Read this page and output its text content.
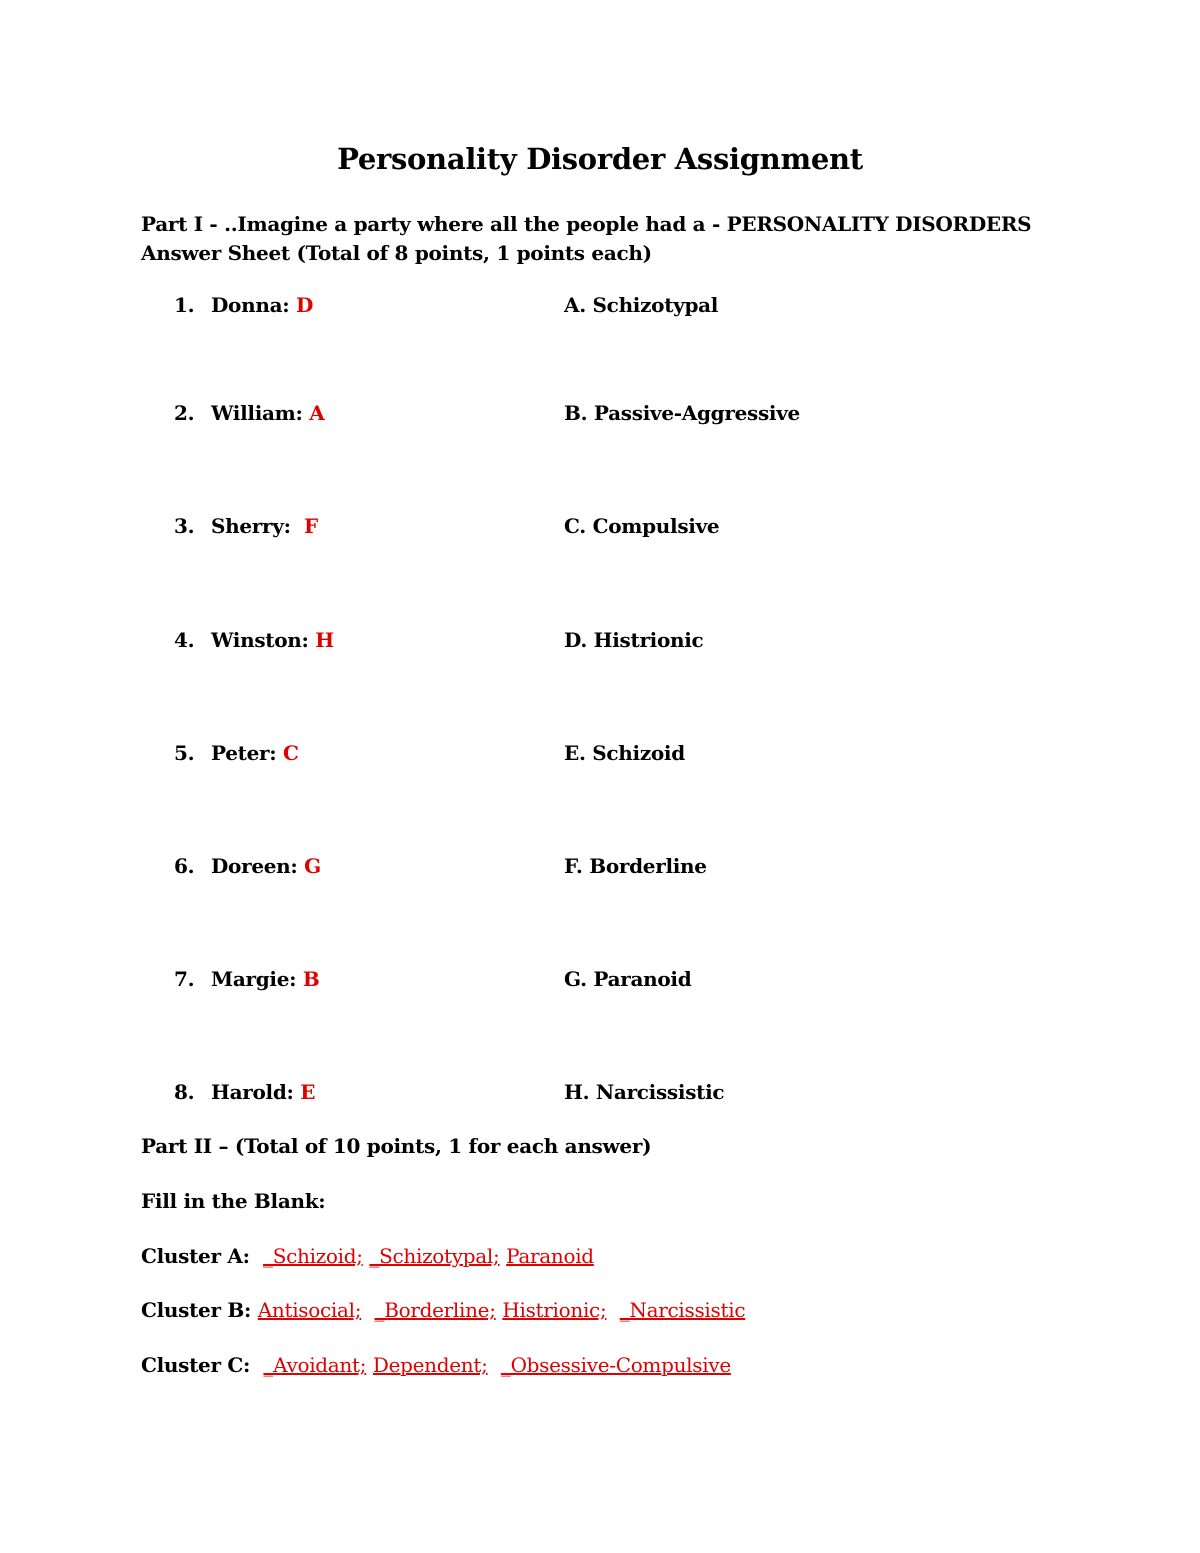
Personality Disorder Assignment
Part I - ..Imagine a party where all the people had a - PERSONALITY DISORDERS
Answer Sheet (Total of 8 points, 1 points each)
1. Donna: D	A. Schizotypal
2. William: A	B. Passive-Aggressive
3. Sherry: F	C. Compulsive
4. Winston: H	D. Histrionic
5. Peter: C	E. Schizoid
6. Doreen: G	F. Borderline
7. Margie: B	G. Paranoid
8. Harold: E	H. Narcissistic
Part II – (Total of 10 points, 1 for each answer)
Fill in the Blank:
Cluster A: _Schizoid; _Schizotypal; Paranoid
Cluster B: Antisocial; _Borderline; Histrionic; _Narcissistic
Cluster C: _Avoidant; Dependent; _Obsessive-Compulsive
